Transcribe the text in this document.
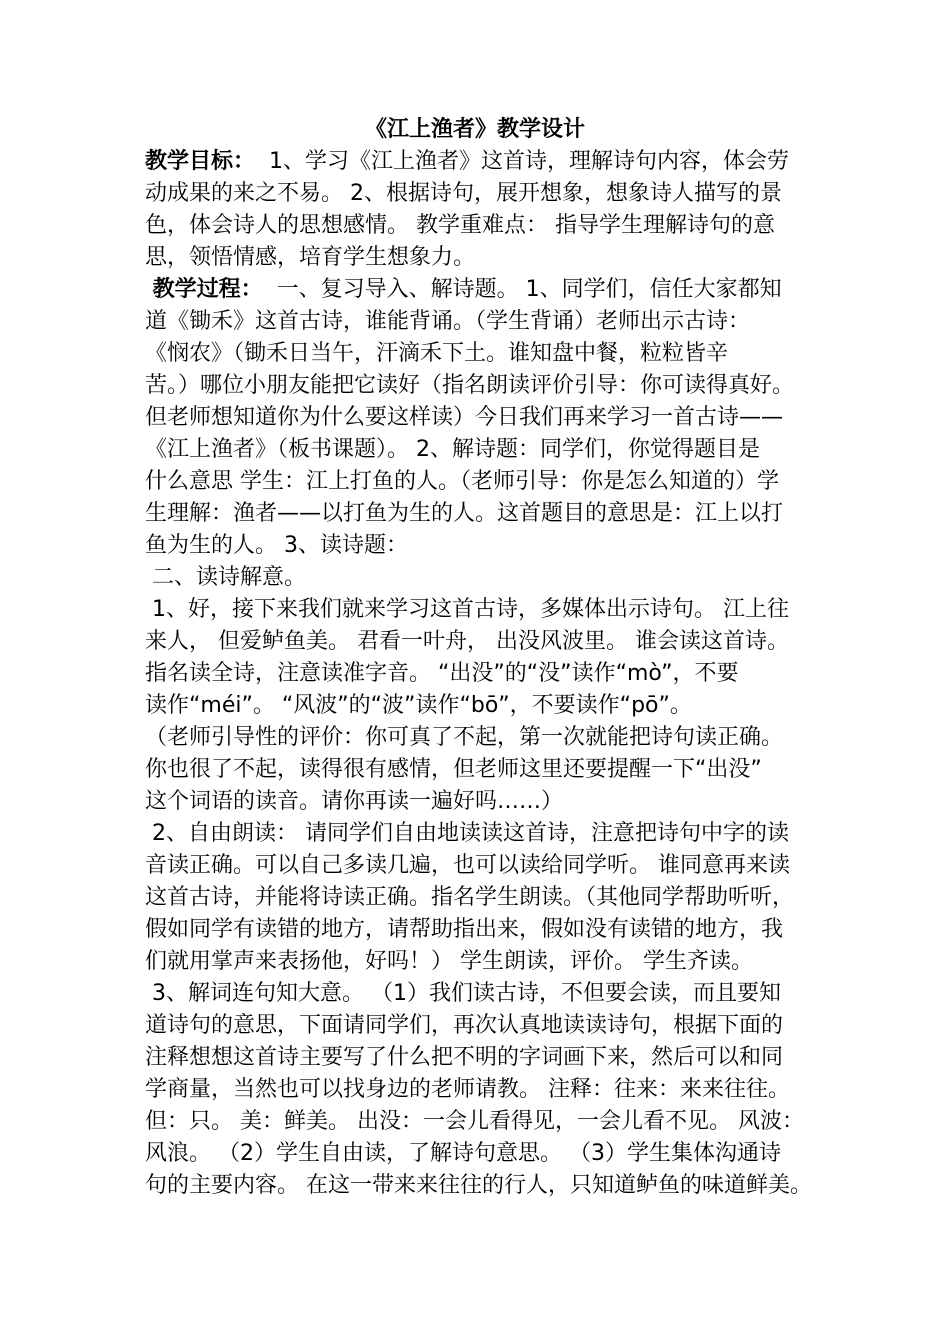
《江上渔者》教学设计
教学目标：  1、学习《江上渔者》这首诗，理解诗句内容，体会劳
动成果的来之不易。 2、根据诗句，展开想象，想象诗人描写的景
色，体会诗人的思想感情。 教学重难点： 指导学生理解诗句的意
思，领悟情感，培育学生想象力。
教学过程：  一、复习导入、解诗题。 1、同学们，信任大家都知
道《锄禾》这首古诗，谁能背诵。（学生背诵）老师出示古诗：
《悯农》（锄禾日当午，汗滴禾下土。谁知盘中餐，粒粒皆辛
苦。）哪位小朋友能把它读好（指名朗读评价引导：你可读得真好。
但老师想知道你为什么要这样读）今日我们再来学习一首古诗——
《江上渔者》（板书课题）。 2、解诗题：同学们，你觉得题目是
什么意思 学生：江上打鱼的人。（老师引导：你是怎么知道的）学
生理解：渔者——以打鱼为生的人。这首题目的意思是：江上以打
鱼为生的人。 3、读诗题：
二、读诗解意。
1、好，接下来我们就来学习这首古诗，多媒体出示诗句。 江上往
来人， 但爱鲈鱼美。 君看一叶舟， 出没风波里。 谁会读这首诗。
指名读全诗，注意读准字音。 “出没”的“没”读作“mò”，不要
读作“méi”。 “风波”的“波”读作“bō”，不要读作“pō”。
（老师引导性的评价：你可真了不起，第一次就能把诗句读正确。
你也很了不起，读得很有感情，但老师这里还要提醒一下“出没”
这个词语的读音。请你再读一遍好吗……）
2、自由朗读： 请同学们自由地读读这首诗，注意把诗句中字的读
音读正确。可以自己多读几遍，也可以读给同学听。 谁同意再来读
这首古诗，并能将诗读正确。指名学生朗读。（其他同学帮助听听，
假如同学有读错的地方，请帮助指出来，假如没有读错的地方，我
们就用掌声来表扬他，好吗！） 学生朗读，评价。 学生齐读。
3、解词连句知大意。 （1）我们读古诗，不但要会读，而且要知
道诗句的意思，下面请同学们，再次认真地读读诗句，根据下面的
注释想想这首诗主要写了什么把不明的字词画下来，然后可以和同
学商量，当然也可以找身边的老师请教。 注释：往来：来来往往。
但：只。 美：鲜美。 出没：一会儿看得见，一会儿看不见。 风波：
风浪。 （2）学生自由读，了解诗句意思。 （3）学生集体沟通诗
句的主要内容。 在这一带来来往往的行人，只知道鲈鱼的味道鲜美。
